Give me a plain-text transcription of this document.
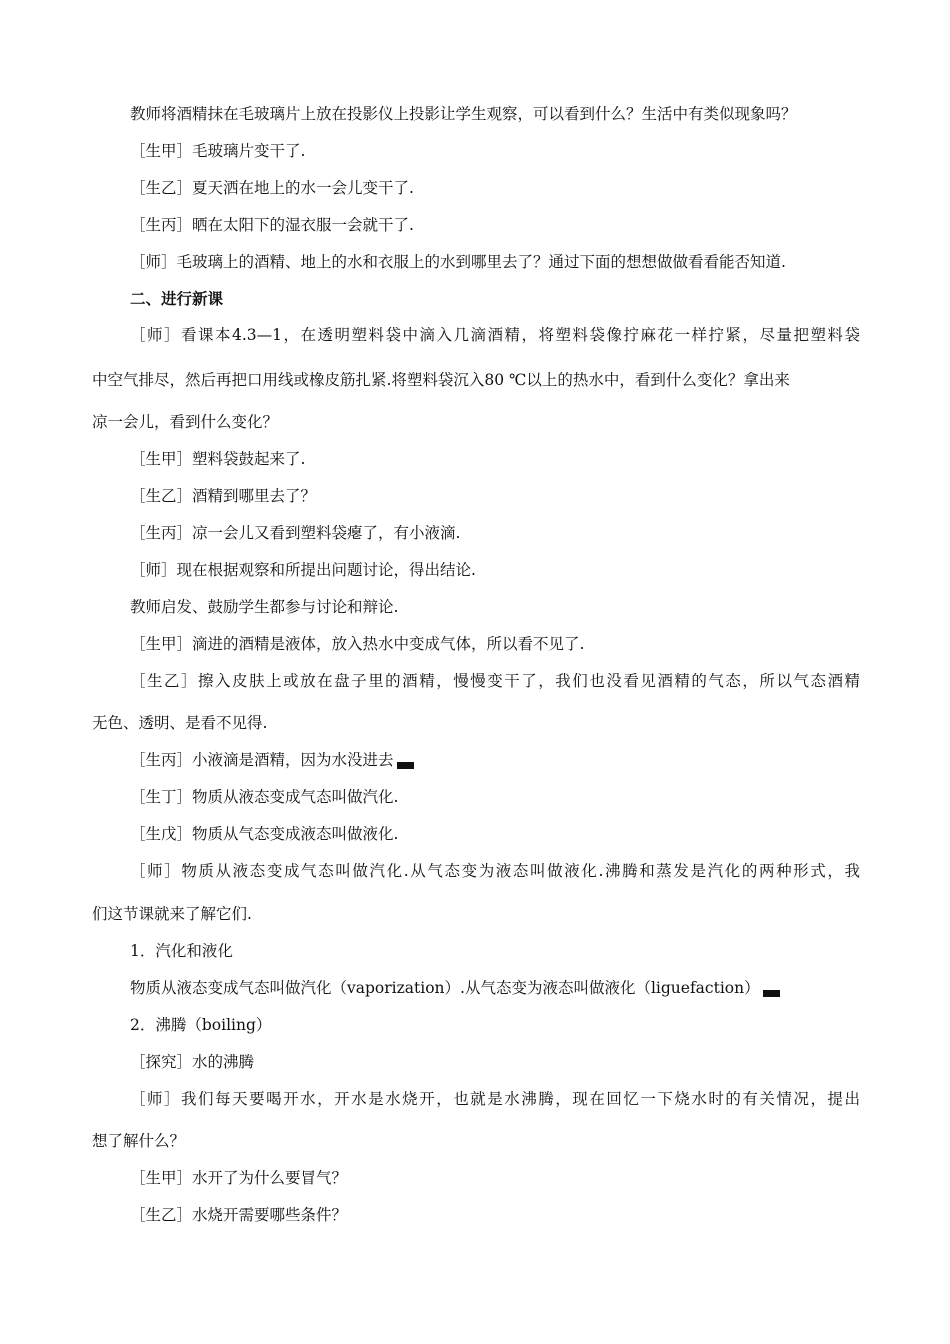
教师将酒精抹在毛玻璃片上放在投影仪上投影让学生观察，可以看到什么？生活中有类似现象吗？
［生甲］毛玻璃片变干了.
［生乙］夏天洒在地上的水一会儿变干了.
［生丙］晒在太阳下的湿衣服一会就干了.
［师］毛玻璃上的酒精、地上的水和衣服上的水到哪里去了？通过下面的想想做做看看能否知道.
二、进行新课
［师］看课本4.3—1，在透明塑料袋中滴入几滴酒精，将塑料袋像拧麻花一样拧紧，尽量把塑料袋
中空气排尽，然后再把口用线或橡皮筋扎紧.将塑料袋沉入80 ℃以上的热水中，看到什么变化？拿出来
凉一会儿，看到什么变化？
［生甲］塑料袋鼓起来了.
［生乙］酒精到哪里去了？
［生丙］凉一会儿又看到塑料袋瘪了，有小液滴.
［师］现在根据观察和所提出问题讨论，得出结论.
教师启发、鼓励学生都参与讨论和辩论.
［生甲］滴进的酒精是液体，放入热水中变成气体，所以看不见了.
［生乙］擦入皮肤上或放在盘子里的酒精，慢慢变干了，我们也没看见酒精的气态，所以气态酒精
无色、透明、是看不见得.
［生丙］小液滴是酒精，因为水没进去
［生丁］物质从液态变成气态叫做汽化.
［生戊］物质从气态变成液态叫做液化.
［师］物质从液态变成气态叫做汽化.从气态变为液态叫做液化.沸腾和蒸发是汽化的两种形式，我
们这节课就来了解它们.
1．汽化和液化
物质从液态变成气态叫做汽化（vaporization）.从气态变为液态叫做液化（liguefaction）
2．沸腾（boiling）
［探究］水的沸腾
［师］我们每天要喝开水，开水是水烧开，也就是水沸腾，现在回忆一下烧水时的有关情况，提出
想了解什么？
［生甲］水开了为什么要冒气？
［生乙］水烧开需要哪些条件？
